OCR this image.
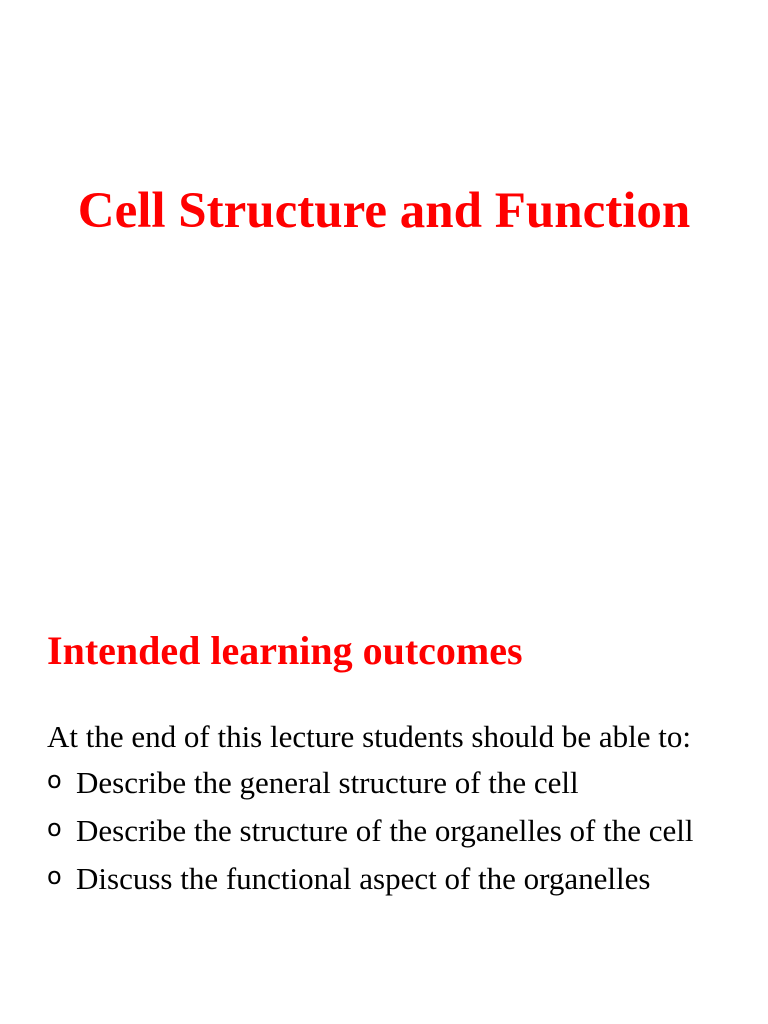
Cell Structure and Function
Intended learning outcomes

At the end of this lecture students should be able to:

o Describe the general structure of the cell
o Describe the structure of the organelles of the cell
o Discuss the functional aspect of the organelles
